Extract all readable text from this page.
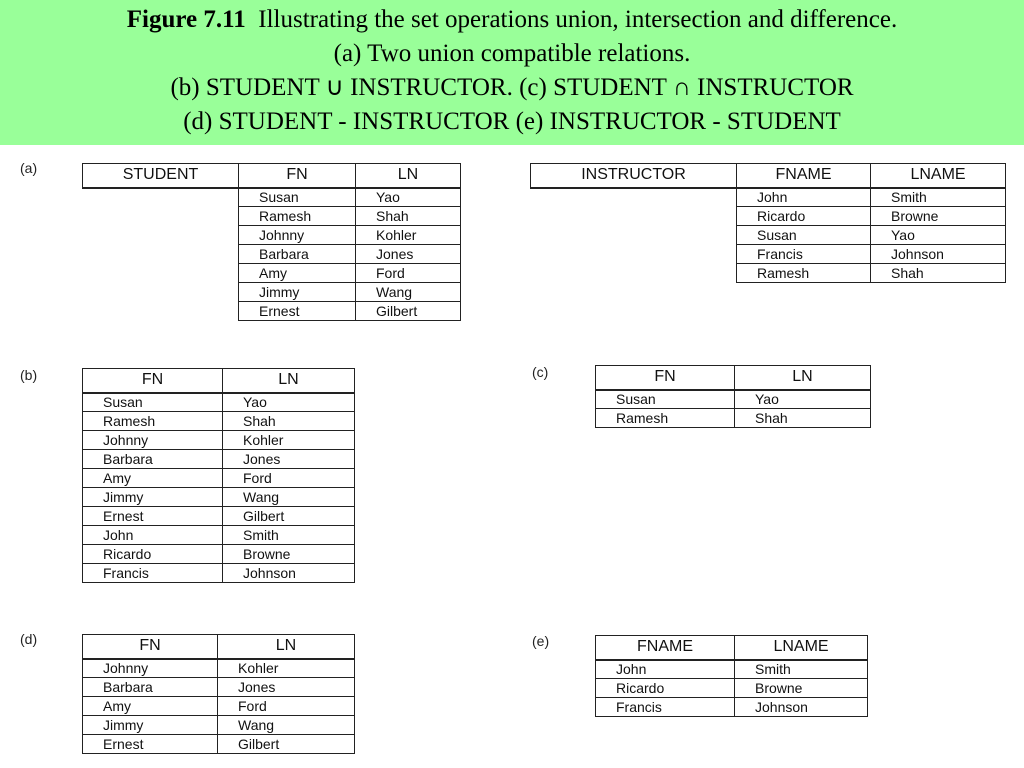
Figure 7.11 Illustrating the set operations union, intersection and difference.
(a) Two union compatible relations.
(b) STUDENT ∪ INSTRUCTOR. (c) STUDENT ∩ INSTRUCTOR
(d) STUDENT - INSTRUCTOR (e) INSTRUCTOR - STUDENT
(a)
(b)	(c)
(d)	(e)
STUDENT	FN	LN
	Susan	Yao
	Ramesh	Shah
	Johnny	Kohler
	Barbara	Jones
	Amy	Ford
	Jimmy	Wang
	Ernest	Gilbert
INSTRUCTOR	FNAME	LNAME
	John	Smith
	Ricardo	Browne
	Susan	Yao
	Francis	Johnson
	Ramesh	Shah
FN	LN
Susan	Yao
Ramesh	Shah
Johnny	Kohler
Barbara	Jones
Amy	Ford
Jimmy	Wang
Ernest	Gilbert
John	Smith
Ricardo	Browne
Francis	Johnson
FN	LN
Susan	Yao
Ramesh	Shah
FN	LN
Johnny	Kohler
Barbara	Jones
Amy	Ford
Jimmy	Wang
Ernest	Gilbert
FNAME	LNAME
John	Smith
Ricardo	Browne
Francis	Johnson
